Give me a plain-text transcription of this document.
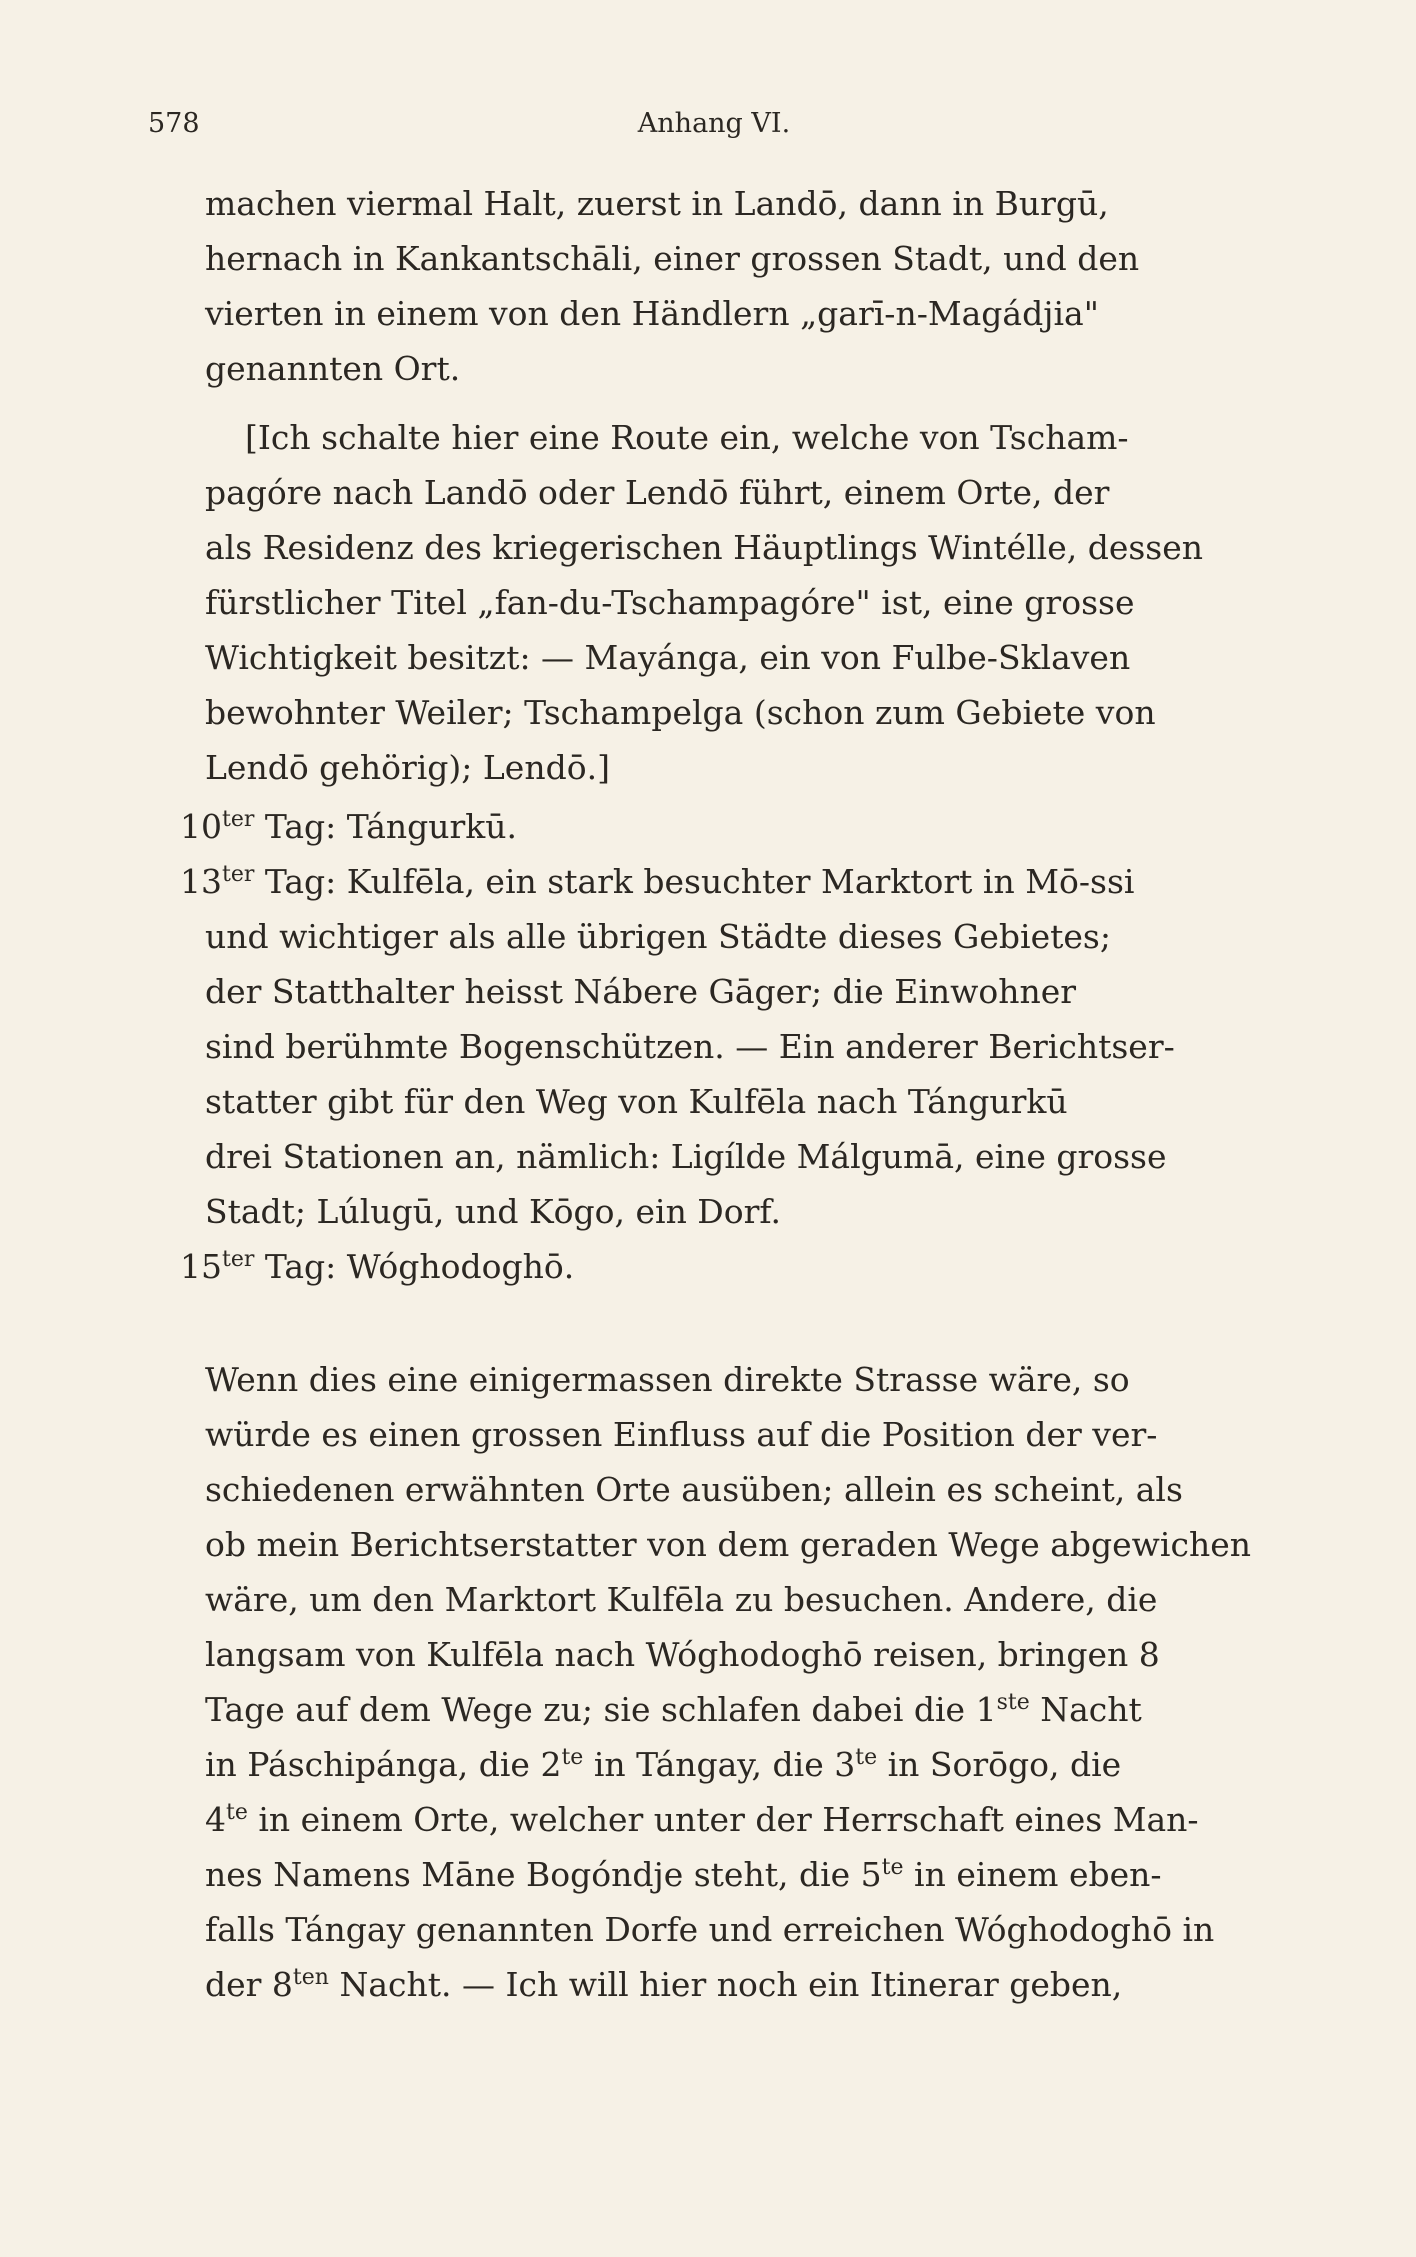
578	Anhang VI.

machen viermal Halt, zuerst in Landō, dann in Burgū,
hernach in Kankantschāli, einer grossen Stadt, und den
vierten in einem von den Händlern „garī-n-Magádjia"
genannten Ort.

[Ich schalte hier eine Route ein, welche von Tscham-
pagóre nach Landō oder Lendō führt, einem Orte, der
als Residenz des kriegerischen Häuptlings Wintélle, dessen
fürstlicher Titel „fan-du-Tschampagóre" ist, eine grosse
Wichtigkeit besitzt: — Mayánga, ein von Fulbe-Sklaven
bewohnter Weiler; Tschampelga (schon zum Gebiete von
Lendō gehörig); Lendō.]

$10^{ter}$ Tag: Tángurkū.
$13^{ter}$ Tag: Kulfēla, ein stark besuchter Marktort in Mō-ssi
und wichtiger als alle übrigen Städte dieses Gebietes;
der Statthalter heisst Nábere Gāger; die Einwohner
sind berühmte Bogenschützen. — Ein anderer Berichtser-
statter gibt für den Weg von Kulfēla nach Tángurkū
drei Stationen an, nämlich: Ligílde Málgumā, eine grosse
Stadt; Lúlugū, und Kōgo, ein Dorf.
$15^{ter}$ Tag: Wóghodoghō.

Wenn dies eine einigermassen direkte Strasse wäre, so
würde es einen grossen Einfluss auf die Position der ver-
schiedenen erwähnten Orte ausüben; allein es scheint, als
ob mein Berichtserstatter von dem geraden Wege abgewichen
wäre, um den Marktort Kulfēla zu besuchen. Andere, die
langsam von Kulfēla nach Wóghodoghō reisen, bringen 8
Tage auf dem Wege zu; sie schlafen dabei die 1ste Nacht
in Páschipánga, die $2^{te}$ in Tángay, die $3^{te}$ in Sorōgo, die
$4^{te}$ in einem Orte, welcher unter der Herrschaft eines Man-
nes Namens Māne Bogóndje steht, die $5^{te}$ in einem eben-
falls Tángay genannten Dorfe und erreichen Wóghodoghō in
der $8^{ten}$ Nacht. — Ich will hier noch ein Itinerar geben,
